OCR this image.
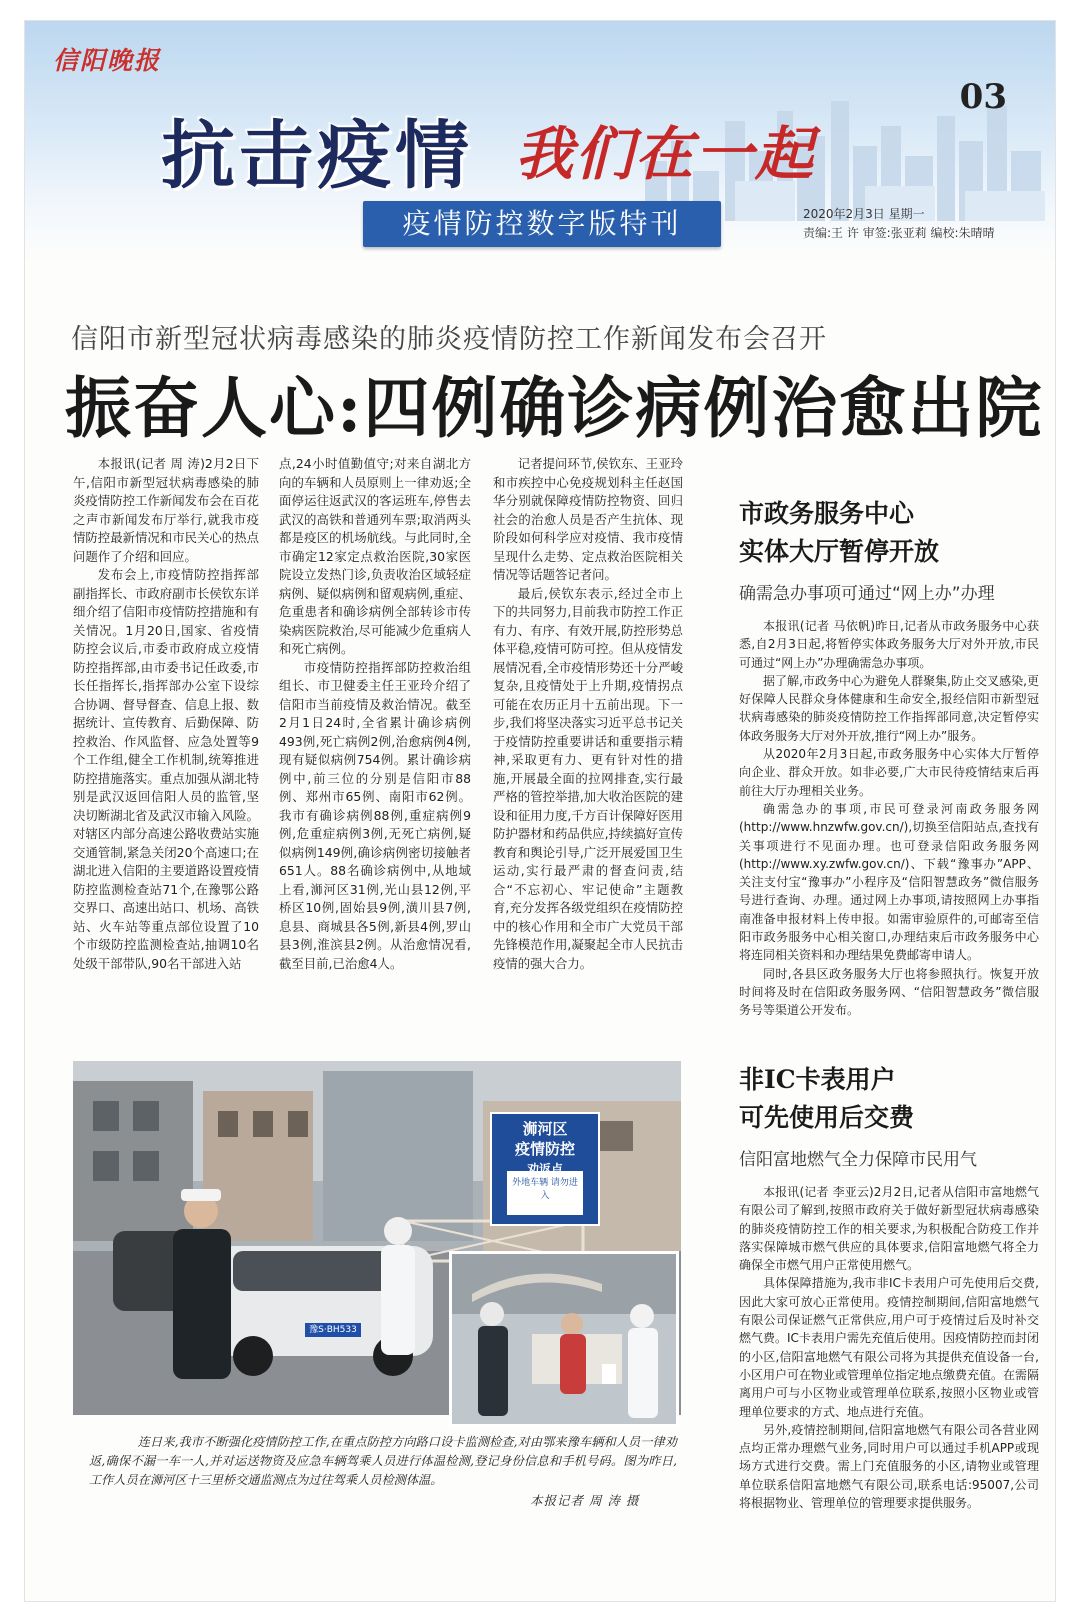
信阳晚报
03
抗击疫情 我们在一起
疫情防控数字版特刊	2020年2月3日 星期一
责编:王 许 审签:张亚莉 编校:朱晴晴
信阳市新型冠状病毒感染的肺炎疫情防控工作新闻发布会召开
振奋人心:四例确诊病例治愈出院

本报讯(记者 周 涛)2月2日下午,信阳市新型冠状病毒感染的肺炎疫情防控工作新闻发布会在百花之声市新闻发布厅举行,就我市疫情防控最新情况和市民关心的热点问题作了介绍和回应。

发布会上,市疫情防控指挥部副指挥长、市政府副市长侯钦东详细介绍了信阳市疫情防控措施和有关情况。1月20日,国家、省疫情防控会议后,市委市政府成立疫情防控指挥部,由市委书记任政委,市长任指挥长,指挥部办公室下设综合协调、督导督查、信息上报、数据统计、宣传教育、后勤保障、防控救治、作风监督、应急处置等9个工作组,健全工作机制,统筹推进防控措施落实。重点加强从湖北特别是武汉返回信阳人员的监管,坚决切断湖北省及武汉市输入风险。对辖区内部分高速公路收费站实施交通管制,紧急关闭20个高速口;在湖北进入信阳的主要道路设置疫情防控监测检查站71个,在豫鄂公路交界口、高速出站口、机场、高铁站、火车站等重点部位设置了10个市级防控监测检查站,抽调10名处级干部带队,90名干部进入站

点,24小时值勤值守;对来自湖北方向的车辆和人员原则上一律劝返;全面停运往返武汉的客运班车,停售去武汉的高铁和普通列车票;取消两头都是疫区的机场航线。与此同时,全市确定12家定点救治医院,30家医院设立发热门诊,负责收治区域轻症病例、疑似病例和留观病例,重症、危重患者和确诊病例全部转诊市传染病医院救治,尽可能减少危重病人和死亡病例。

市疫情防控指挥部防控救治组组长、市卫健委主任王亚玲介绍了信阳市当前疫情及救治情况。截至2月1日24时,全省累计确诊病例493例,死亡病例2例,治愈病例4例,现有疑似病例754例。累计确诊病例中,前三位的分别是信阳市88例、郑州市65例、南阳市62例。我市有确诊病例88例,重症病例9例,危重症病例3例,无死亡病例,疑似病例149例,确诊病例密切接触者651人。88名确诊病例中,从地域上看,浉河区31例,光山县12例,平桥区10例,固始县9例,潢川县7例,息县、商城县各5例,新县4例,罗山县3例,淮滨县2例。从治愈情况看,截至目前,已治愈4人。

记者提问环节,侯钦东、王亚玲和市疾控中心免疫规划科主任赵国华分别就保障疫情防控物资、回归社会的治愈人员是否产生抗体、现阶段如何科学应对疫情、我市疫情呈现什么走势、定点救治医院相关情况等话题答记者问。

最后,侯钦东表示,经过全市上下的共同努力,目前我市防控工作正有力、有序、有效开展,防控形势总体平稳,疫情可防可控。但从疫情发展情况看,全市疫情形势还十分严峻复杂,且疫情处于上升期,疫情拐点可能在农历正月十五前出现。下一步,我们将坚决落实习近平总书记关于疫情防控重要讲话和重要指示精神,采取更有力、更有针对性的措施,开展最全面的拉网排查,实行最严格的管控举措,加大收治医院的建设和征用力度,千方百计保障好医用防护器材和药品供应,持续搞好宣传教育和舆论引导,广泛开展爱国卫生运动,实行最严肃的督查问责,结合“不忘初心、牢记使命”主题教育,充分发挥各级党组织在疫情防控中的核心作用和全市广大党员干部先锋模范作用,凝聚起全市人民抗击疫情的强大合力。

市政务服务中心
实体大厅暂停开放
确需急办事项可通过“网上办”办理

本报讯(记者 马依帆)昨日,记者从市政务服务中心获悉,自2月3日起,将暂停实体政务服务大厅对外开放,市民可通过“网上办”办理确需急办事项。

据了解,市政务中心为避免人群聚集,防止交叉感染,更好保障人民群众身体健康和生命安全,报经信阳市新型冠状病毒感染的肺炎疫情防控工作指挥部同意,决定暂停实体政务服务大厅对外开放,推行“网上办”服务。

从2020年2月3日起,市政务服务中心实体大厅暂停向企业、群众开放。如非必要,广大市民待疫情结束后再前往大厅办理相关业务。

确需急办的事项,市民可登录河南政务服务网(http://www.hnzwfw.gov.cn/),切换至信阳站点,查找有关事项进行不见面办理。也可登录信阳政务服务网(http://www.xy.zwfw.gov.cn/)、下载“豫事办”APP、关注支付宝“豫事办”小程序及“信阳智慧政务”微信服务号进行查询、办理。通过网上办事项,请按照网上办事指南准备申报材料上传申报。如需审验原件的,可邮寄至信阳市政务服务中心相关窗口,办理结束后市政务服务中心将连同相关资料和办理结果免费邮寄申请人。

同时,各县区政务服务大厅也将参照执行。恢复开放时间将及时在信阳政务服务网、“信阳智慧政务”微信服务号等渠道公开发布。

非IC卡表用户
可先使用后交费
信阳富地燃气全力保障市民用气

本报讯(记者 李亚云)2月2日,记者从信阳市富地燃气有限公司了解到,按照市政府关于做好新型冠状病毒感染的肺炎疫情防控工作的相关要求,为积极配合防疫工作并落实保障城市燃气供应的具体要求,信阳富地燃气将全力确保全市燃气用户正常使用燃气。

具体保障措施为,我市非IC卡表用户可先使用后交费,因此大家可放心正常使用。疫情控制期间,信阳富地燃气有限公司保证燃气正常供应,用户可于疫情过后及时补交燃气费。IC卡表用户需先充值后使用。因疫情防控而封闭的小区,信阳富地燃气有限公司将为其提供充值设备一台,小区用户可在物业或管理单位指定地点缴费充值。在需隔离用户可与小区物业或管理单位联系,按照小区物业或管理单位要求的方式、地点进行充值。

另外,疫情控制期间,信阳富地燃气有限公司各营业网点均正常办理燃气业务,同时用户可以通过手机APP或现场方式进行交费。需上门充值服务的小区,请物业或管理单位联系信阳富地燃气有限公司,联系电话:95007,公司将根据物业、管理单位的管理要求提供服务。

浉河区
疫情防控
劝返点
外地车辆 请勿进入
豫S·BH533
连日来,我市不断强化疫情防控工作,在重点防控方向路口设卡监测检查,对由鄂来豫车辆和人员一律劝返,确保不漏一车一人,并对运送物资及应急车辆驾乘人员进行体温检测,登记身份信息和手机号码。图为昨日,工作人员在浉河区十三里桥交通监测点为过往驾乘人员检测体温。
本报记者 周 涛 摄
